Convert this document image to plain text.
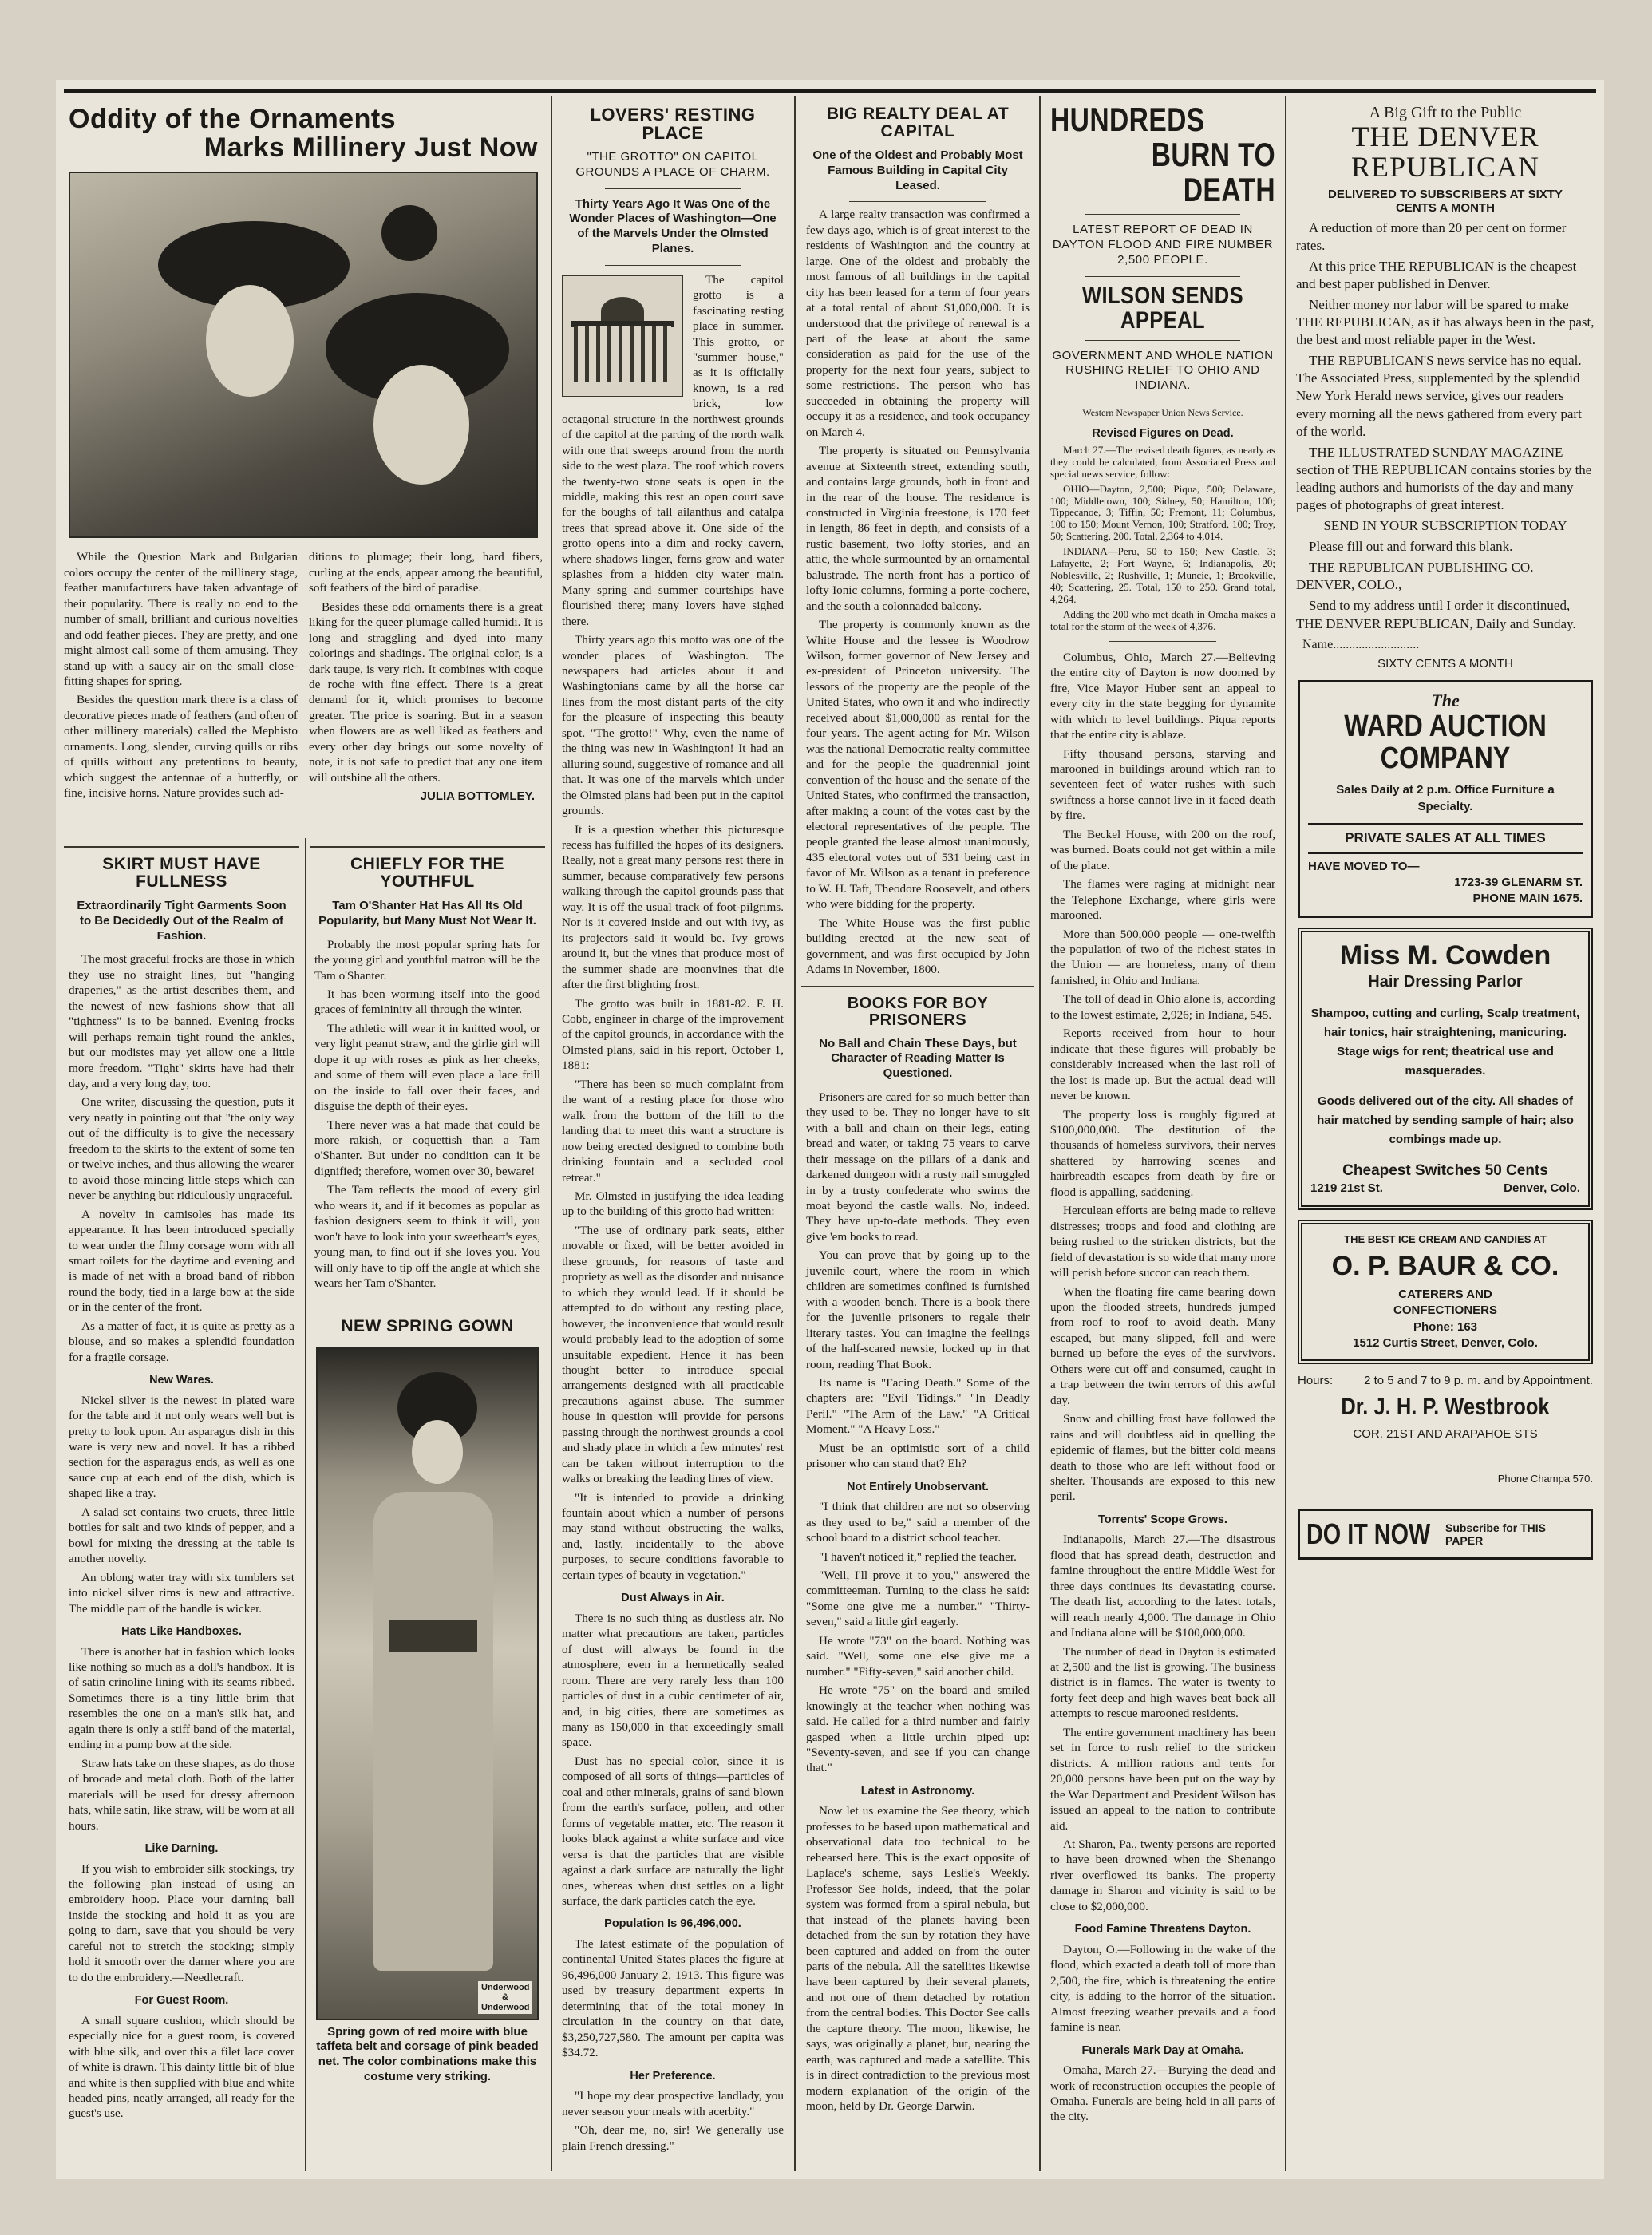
Oddity of the Ornaments
Marks Millinery Just Now

While the Question Mark and Bulgarian colors occupy the center of the millinery stage, feather manufacturers have taken advantage of their popularity. There is really no end to the number of small, brilliant and curious novelties and odd feather pieces. They are pretty, and one might almost call some of them amusing. They stand up with a saucy air on the small close-fitting shapes for spring.

Besides the question mark there is a class of decorative pieces made of feathers (and often of other millinery materials) called the Mephisto ornaments. Long, slender, curving quills or ribs of quills without any pretentions to beauty, which suggest the antennae of a butterfly, or fine, incisive horns. Nature provides such ad-

ditions to plumage; their long, hard fibers, curling at the ends, appear among the beautiful, soft feathers of the bird of paradise.

Besides these odd ornaments there is a great liking for the queer plumage called humidi. It is long and straggling and dyed into many colorings and shadings. The original color, is a dark taupe, is very rich. It combines with coque de roche with fine effect. There is a great demand for it, which promises to become greater. The price is soaring. But in a season when flowers are as well liked as feathers and every other day brings out some novelty of note, it is not safe to predict that any one item will outshine all the others.

JULIA BOTTOMLEY.
SKIRT MUST HAVE FULLNESS
Extraordinarily Tight Garments Soon to Be Decidedly Out of the Realm of Fashion.

The most graceful frocks are those in which they use no straight lines, but "hanging draperies," as the artist describes them, and the newest of new fashions show that all "tightness" is to be banned. Evening frocks will perhaps remain tight round the ankles, but our modistes may yet allow one a little more freedom. "Tight" skirts have had their day, and a very long day, too.

One writer, discussing the question, puts it very neatly in pointing out that "the only way out of the difficulty is to give the necessary freedom to the skirts to the extent of some ten or twelve inches, and thus allowing the wearer to avoid those mincing little steps which can never be anything but ridiculously ungraceful.

A novelty in camisoles has made its appearance. It has been introduced specially to wear under the filmy corsage worn with all smart toilets for the daytime and evening and is made of net with a broad band of ribbon round the body, tied in a large bow at the side or in the center of the front.

As a matter of fact, it is quite as pretty as a blouse, and so makes a splendid foundation for a fragile corsage.

New Wares.

Nickel silver is the newest in plated ware for the table and it not only wears well but is pretty to look upon. An asparagus dish in this ware is very new and novel. It has a ribbed section for the asparagus ends, as well as one sauce cup at each end of the dish, which is shaped like a tray.

A salad set contains two cruets, three little bottles for salt and two kinds of pepper, and a bowl for mixing the dressing at the table is another novelty.

An oblong water tray with six tumblers set into nickel silver rims is new and attractive. The middle part of the handle is wicker.

Hats Like Handboxes.

There is another hat in fashion which looks like nothing so much as a doll's handbox. It is of satin crinoline lining with its seams ribbed. Sometimes there is a tiny little brim that resembles the one on a man's silk hat, and again there is only a stiff band of the material, ending in a pump bow at the side.

Straw hats take on these shapes, as do those of brocade and metal cloth. Both of the latter materials will be used for dressy afternoon hats, while satin, like straw, will be worn at all hours.

Like Darning.

If you wish to embroider silk stockings, try the following plan instead of using an embroidery hoop. Place your darning ball inside the stocking and hold it as you are going to darn, save that you should be very careful not to stretch the stocking; simply hold it smooth over the darner where you are to do the embroidery.—Needlecraft.

For Guest Room.

A small square cushion, which should be especially nice for a guest room, is covered with blue silk, and over this a filet lace cover of white is drawn. This dainty little bit of blue and white is then supplied with blue and white headed pins, neatly arranged, all ready for the guest's use.

CHIEFLY FOR THE YOUTHFUL
Tam O'Shanter Hat Has All Its Old Popularity, but Many Must Not Wear It.

Probably the most popular spring hats for the young girl and youthful matron will be the Tam o'Shanter.

It has been worming itself into the good graces of femininity all through the winter.

The athletic will wear it in knitted wool, or very light peanut straw, and the girlie girl will dope it up with roses as pink as her cheeks, and some of them will even place a lace frill on the inside to fall over their faces, and disguise the depth of their eyes.

There never was a hat made that could be more rakish, or coquettish than a Tam o'Shanter. But under no condition can it be dignified; therefore, women over 30, beware!

The Tam reflects the mood of every girl who wears it, and if it becomes as popular as fashion designers seem to think it will, you won't have to look into your sweetheart's eyes, young man, to find out if she loves you. You will only have to tip off the angle at which she wears her Tam o'Shanter.

NEW SPRING GOWN
Underwood & Underwood
Spring gown of red moire with blue taffeta belt and corsage of pink beaded net. The color combinations make this costume very striking.
LOVERS' RESTING PLACE
"THE GROTTO" ON CAPITOL GROUNDS A PLACE OF CHARM.
Thirty Years Ago It Was One of the Wonder Places of Washington—One of the Marvels Under the Olmsted Planes.

The capitol grotto is a fascinating resting place in summer. This grotto, or "summer house," as it is officially known, is a red brick, low octagonal structure in the northwest grounds of the capitol at the parting of the north walk with one that sweeps around from the north side to the west plaza. The roof which covers the twenty-two stone seats is open in the middle, making this rest an open court save for the boughs of tall ailanthus and catalpa trees that spread above it. One side of the grotto opens into a dim and rocky cavern, where shadows linger, ferns grow and water splashes from a hidden city water main. Many spring and summer courtships have flourished there; many lovers have sighed there.

Thirty years ago this motto was one of the wonder places of Washington. The newspapers had articles about it and Washingtonians came by all the horse car lines from the most distant parts of the city for the pleasure of inspecting this beauty spot. "The grotto!" Why, even the name of the thing was new in Washington! It had an alluring sound, suggestive of romance and all that. It was one of the marvels which under the Olmsted plans had been put in the capitol grounds.

It is a question whether this picturesque recess has fulfilled the hopes of its designers. Really, not a great many persons rest there in summer, because comparatively few persons walking through the capitol grounds pass that way. It is off the usual track of foot-pilgrims. Nor is it covered inside and out with ivy, as its projectors said it would be. Ivy grows around it, but the vines that produce most of the summer shade are moonvines that die after the first blighting frost.

The grotto was built in 1881-82. F. H. Cobb, engineer in charge of the improvement of the capitol grounds, in accordance with the Olmsted plans, said in his report, October 1, 1881:

"There has been so much complaint from the want of a resting place for those who walk from the bottom of the hill to the landing that to meet this want a structure is now being erected designed to combine both drinking fountain and a secluded cool retreat."

Mr. Olmsted in justifying the idea leading up to the building of this grotto had written:

"The use of ordinary park seats, either movable or fixed, will be better avoided in these grounds, for reasons of taste and propriety as well as the disorder and nuisance to which they would lead. If it should be attempted to do without any resting place, however, the inconvenience that would result would probably lead to the adoption of some unsuitable expedient. Hence it has been thought better to introduce special arrangements designed with all practicable precautions against abuse. The summer house in question will provide for persons passing through the northwest grounds a cool and shady place in which a few minutes' rest can be taken without interruption to the walks or breaking the leading lines of view.

"It is intended to provide a drinking fountain about which a number of persons may stand without obstructing the walks, and, lastly, incidentally to the above purposes, to secure conditions favorable to certain types of beauty in vegetation."

Dust Always in Air.

There is no such thing as dustless air. No matter what precautions are taken, particles of dust will always be found in the atmosphere, even in a hermetically sealed room. There are very rarely less than 100 particles of dust in a cubic centimeter of air, and, in big cities, there are sometimes as many as 150,000 in that exceedingly small space.

Dust has no special color, since it is composed of all sorts of things—particles of coal and other minerals, grains of sand blown from the earth's surface, pollen, and other forms of vegetable matter, etc. The reason it looks black against a white surface and vice versa is that the particles that are visible against a dark surface are naturally the light ones, whereas when dust settles on a light surface, the dark particles catch the eye.

Population Is 96,496,000.

The latest estimate of the population of continental United States places the figure at 96,496,000 January 2, 1913. This figure was used by treasury department experts in determining that of the total money in circulation in the country on that date, $3,250,727,580. The amount per capita was $34.72.

Her Preference.

"I hope my dear prospective landlady, you never season your meals with acerbity."

"Oh, dear me, no, sir! We generally use plain French dressing."

BIG REALTY DEAL AT CAPITAL
One of the Oldest and Probably Most Famous Building in Capital City Leased.

A large realty transaction was confirmed a few days ago, which is of great interest to the residents of Washington and the country at large. One of the oldest and probably the most famous of all buildings in the capital city has been leased for a term of four years at a total rental of about $1,000,000. It is understood that the privilege of renewal is a part of the lease at about the same consideration as paid for the use of the property for the next four years, subject to some restrictions. The person who has succeeded in obtaining the property will occupy it as a residence, and took occupancy on March 4.

The property is situated on Pennsylvania avenue at Sixteenth street, extending south, and contains large grounds, both in front and in the rear of the house. The residence is constructed in Virginia freestone, is 170 feet in length, 86 feet in depth, and consists of a rustic basement, two lofty stories, and an attic, the whole surmounted by an ornamental balustrade. The north front has a portico of lofty Ionic columns, forming a porte-cochere, and the south a colonnaded balcony.

The property is commonly known as the White House and the lessee is Woodrow Wilson, former governor of New Jersey and ex-president of Princeton university. The lessors of the property are the people of the United States, who own it and who indirectly received about $1,000,000 as rental for the four years. The agent acting for Mr. Wilson was the national Democratic realty committee and for the people the quadrennial joint convention of the house and the senate of the United States, who confirmed the transaction, after making a count of the votes cast by the electoral representatives of the people. The people granted the lease almost unanimously, 435 electoral votes out of 531 being cast in favor of Mr. Wilson as a tenant in preference to W. H. Taft, Theodore Roosevelt, and others who were bidding for the property.

The White House was the first public building erected at the new seat of government, and was first occupied by John Adams in November, 1800.

BOOKS FOR BOY PRISONERS
No Ball and Chain These Days, but Character of Reading Matter Is Questioned.

Prisoners are cared for so much better than they used to be. They no longer have to sit with a ball and chain on their legs, eating bread and water, or taking 75 years to carve their message on the pillars of a dank and darkened dungeon with a rusty nail smuggled in by a trusty confederate who swims the moat beyond the castle walls. No, indeed. They have up-to-date methods. They even give 'em books to read.

You can prove that by going up to the juvenile court, where the room in which children are sometimes confined is furnished with a wooden bench. There is a book there for the juvenile prisoners to regale their literary tastes. You can imagine the feelings of the half-scared newsie, locked up in that room, reading That Book.

Its name is "Facing Death." Some of the chapters are: "Evil Tidings." "In Deadly Peril." "The Arm of the Law." "A Critical Moment." "A Heavy Loss."

Must be an optimistic sort of a child prisoner who can stand that? Eh?

Not Entirely Unobservant.

"I think that children are not so observing as they used to be," said a member of the school board to a district school teacher.

"I haven't noticed it," replied the teacher.

"Well, I'll prove it to you," answered the committeeman. Turning to the class he said: "Some one give me a number." "Thirty-seven," said a little girl eagerly.

He wrote "73" on the board. Nothing was said. "Well, some one else give me a number." "Fifty-seven," said another child.

He wrote "75" on the board and smiled knowingly at the teacher when nothing was said. He called for a third number and fairly gasped when a little urchin piped up: "Seventy-seven, and see if you can change that."

Latest in Astronomy.

Now let us examine the See theory, which professes to be based upon mathematical and observational data too technical to be rehearsed here. This is the exact opposite of Laplace's scheme, says Leslie's Weekly. Professor See holds, indeed, that the polar system was formed from a spiral nebula, but that instead of the planets having been detached from the sun by rotation they have been captured and added on from the outer parts of the nebula. All the satellites likewise have been captured by their several planets, and not one of them detached by rotation from the central bodies. This Doctor See calls the capture theory. The moon, likewise, he says, was originally a planet, but, nearing the earth, was captured and made a satellite. This is in direct contradiction to the previous most modern explanation of the origin of the moon, held by Dr. George Darwin.

HUNDREDS
BURN TO DEATH
LATEST REPORT OF DEAD IN DAYTON FLOOD AND FIRE NUMBER 2,500 PEOPLE.
WILSON SENDS APPEAL
GOVERNMENT AND WHOLE NATION RUSHING RELIEF TO OHIO AND INDIANA.
Western Newspaper Union News Service.
Revised Figures on Dead.

March 27.—The revised death figures, as nearly as they could be calculated, from Associated Press and special news service, follow:

OHIO—Dayton, 2,500; Piqua, 500; Delaware, 100; Middletown, 100; Sidney, 50; Hamilton, 100; Tippecanoe, 3; Tiffin, 50; Fremont, 11; Columbus, 100 to 150; Mount Vernon, 100; Stratford, 100; Troy, 50; Scattering, 200. Total, 2,364 to 4,014.

INDIANA—Peru, 50 to 150; New Castle, 3; Lafayette, 2; Fort Wayne, 6; Indianapolis, 20; Noblesville, 2; Rushville, 1; Muncie, 1; Brookville, 40; Scattering, 25. Total, 150 to 250. Grand total, 4,264.

Adding the 200 who met death in Omaha makes a total for the storm of the week of 4,376.

Columbus, Ohio, March 27.—Believing the entire city of Dayton is now doomed by fire, Vice Mayor Huber sent an appeal to every city in the state begging for dynamite with which to level buildings. Piqua reports that the entire city is ablaze.

Fifty thousand persons, starving and marooned in buildings around which ran to seventeen feet of water rushes with such swiftness a horse cannot live in it faced death by fire.

The Beckel House, with 200 on the roof, was burned. Boats could not get within a mile of the place.

The flames were raging at midnight near the Telephone Exchange, where girls were marooned.

More than 500,000 people — one-twelfth the population of two of the richest states in the Union — are homeless, many of them famished, in Ohio and Indiana.

The toll of dead in Ohio alone is, according to the lowest estimate, 2,926; in Indiana, 545.

Reports received from hour to hour indicate that these figures will probably be considerably increased when the last roll of the lost is made up. But the actual dead will never be known.

The property loss is roughly figured at $100,000,000. The destitution of the thousands of homeless survivors, their nerves shattered by harrowing scenes and hairbreadth escapes from death by fire or flood is appalling, saddening.

Herculean efforts are being made to relieve distresses; troops and food and clothing are being rushed to the stricken districts, but the field of devastation is so wide that many more will perish before succor can reach them.

When the floating fire came bearing down upon the flooded streets, hundreds jumped from roof to roof to avoid death. Many escaped, but many slipped, fell and were burned up before the eyes of the survivors. Others were cut off and consumed, caught in a trap between the twin terrors of this awful day.

Snow and chilling frost have followed the rains and will doubtless aid in quelling the epidemic of flames, but the bitter cold means death to those who are left without food or shelter. Thousands are exposed to this new peril.

Torrents' Scope Grows.

Indianapolis, March 27.—The disastrous flood that has spread death, destruction and famine throughout the entire Middle West for three days continues its devastating course. The death list, according to the latest totals, will reach nearly 4,000. The damage in Ohio and Indiana alone will be $100,000,000.

The number of dead in Dayton is estimated at 2,500 and the list is growing. The business district is in flames. The water is twenty to forty feet deep and high waves beat back all attempts to rescue marooned residents.

The entire government machinery has been set in force to rush relief to the stricken districts. A million rations and tents for 20,000 persons have been put on the way by the War Department and President Wilson has issued an appeal to the nation to contribute aid.

At Sharon, Pa., twenty persons are reported to have been drowned when the Shenango river overflowed its banks. The property damage in Sharon and vicinity is said to be close to $2,000,000.

Food Famine Threatens Dayton.

Dayton, O.—Following in the wake of the flood, which exacted a death toll of more than 2,500, the fire, which is threatening the entire city, is adding to the horror of the situation. Almost freezing weather prevails and a food famine is near.

Funerals Mark Day at Omaha.

Omaha, March 27.—Burying the dead and work of reconstruction occupies the people of Omaha. Funerals are being held in all parts of the city.

A Big Gift to the Public
THE DENVER
REPUBLICAN
DELIVERED TO SUBSCRIBERS AT SIXTY CENTS A MONTH

A reduction of more than 20 per cent on former rates.

At this price THE REPUBLICAN is the cheapest and best paper published in Denver.

Neither money nor labor will be spared to make THE REPUBLICAN, as it has always been in the past, the best and most reliable paper in the West.

THE REPUBLICAN'S news service has no equal. The Associated Press, supplemented by the splendid New York Herald news service, gives our readers every morning all the news gathered from every part of the world.

THE ILLUSTRATED SUNDAY MAGAZINE section of THE REPUBLICAN contains stories by the leading authors and humorists of the day and many pages of photographs of great interest.

SEND IN YOUR SUBSCRIPTION TODAY

Please fill out and forward this blank.

THE REPUBLICAN PUBLISHING CO. DENVER, COLO.,

Send to my address until I order it discontinued, THE DENVER REPUBLICAN, Daily and Sunday.

Name...........................
SIXTY CENTS A MONTH
The
WARD AUCTION
COMPANY
Sales Daily at 2 p.m. Office Furniture a Specialty.
PRIVATE SALES AT ALL TIMES
HAVE MOVED TO—
1723-39 GLENARM ST.
PHONE MAIN 1675.
Miss M. Cowden
Hair Dressing Parlor
Shampoo, cutting and curling, Scalp treatment, hair tonics, hair straightening, manicuring. Stage wigs for rent; theatrical use and masquerades.
Goods delivered out of the city. All shades of hair matched by sending sample of hair; also combings made up.
Cheapest Switches 50 Cents
1219 21st St.	Denver, Colo.
THE BEST ICE CREAM AND CANDIES AT
O. P. BAUR & CO.
CATERERS AND
CONFECTIONERS
Phone: 163
1512 Curtis Street, Denver, Colo.
Hours:	2 to 5 and 7 to 9 p. m. and by Appointment.
Dr. J. H. P. Westbrook
COR. 21ST AND ARAPAHOE STS
Phone Champa 570.
DO IT NOW Subscribe for THIS PAPER
